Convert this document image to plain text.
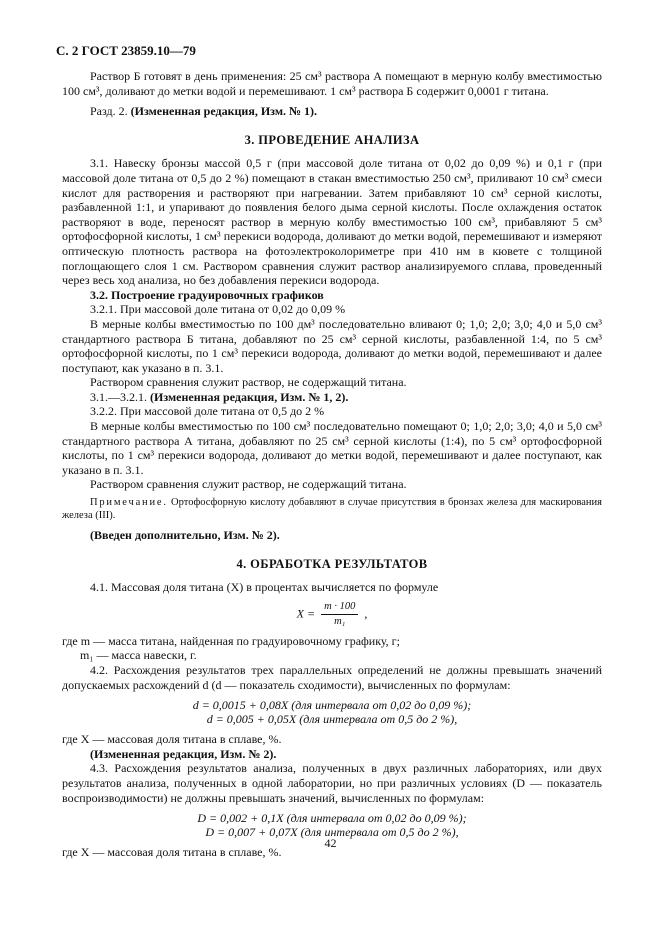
С. 2 ГОСТ 23859.10—79

Раствор Б готовят в день применения: 25 см³ раствора А помещают в мерную колбу вместимостью 100 см³, доливают до метки водой и перемешивают. 1 см³ раствора Б содержит 0,0001 г титана.

Разд. 2. (Измененная редакция, Изм. № 1).

3. ПРОВЕДЕНИЕ АНАЛИЗА

3.1. Навеску бронзы массой 0,5 г (при массовой доле титана от 0,02 до 0,09 %) и 0,1 г (при массовой доле титана от 0,5 до 2 %) помещают в стакан вместимостью 250 см³, приливают 10 см³ смеси кислот для растворения и растворяют при нагревании. Затем прибавляют 10 см³ серной кислоты, разбавленной 1:1, и упаривают до появления белого дыма серной кислоты. После охлаждения остаток растворяют в воде, переносят раствор в мерную колбу вместимостью 100 см³, прибавляют 5 см³ ортофосфорной кислоты, 1 см³ перекиси водорода, доливают до метки водой, перемешивают и измеряют оптическую плотность раствора на фотоэлектроколориметре при 410 нм в кювете с толщиной поглощающего слоя 1 см. Раствором сравнения служит раствор анализируемого сплава, проведенный через весь ход анализа, но без добавления перекиси водорода.

3.2. Построение градуировочных графиков

3.2.1. При массовой доле титана от 0,02 до 0,09 %

В мерные колбы вместимостью по 100 дм³ последовательно вливают 0; 1,0; 2,0; 3,0; 4,0 и 5,0 см³ стандартного раствора Б титана, добавляют по 25 см³ серной кислоты, разбавленной 1:4, по 5 см³ ортофосфорной кислоты, по 1 см³ перекиси водорода, доливают до метки водой, перемешивают и далее поступают, как указано в п. 3.1.

Раствором сравнения служит раствор, не содержащий титана.

3.1.—3.2.1. (Измененная редакция, Изм. № 1, 2).

3.2.2. При массовой доле титана от 0,5 до 2 %

В мерные колбы вместимостью по 100 см³ последовательно помещают 0; 1,0; 2,0; 3,0; 4,0 и 5,0 см³ стандартного раствора А титана, добавляют по 25 см³ серной кислоты (1:4), по 5 см³ ортофосфорной кислоты, по 1 см³ перекиси водорода, доливают до метки водой, перемешивают и далее поступают, как указано в п. 3.1.

Раствором сравнения служит раствор, не содержащий титана.

Примечание. Ортофосфорную кислоту добавляют в случае присутствия в бронзах железа для маскирования железа (III).

(Введен дополнительно, Изм. № 2).

4. ОБРАБОТКА РЕЗУЛЬТАТОВ

4.1. Массовая доля титана (X) в процентах вычисляется по формуле

$X = \frac{m \cdot 100}{\text{m₁}}$ ,

где m — масса титана, найденная по градуировочному графику, г;

m₁ — масса навески, г.

4.2. Расхождения результатов трех параллельных определений не должны превышать значений допускаемых расхождений d (d — показатель сходимости), вычисленных по формулам:

d = 0,0015 + 0,08X (для интервала от 0,02 до 0,09 %);
d = 0,005 + 0,05X (для интервала от 0,5 до 2 %),

где X — массовая доля титана в сплаве, %.

(Измененная редакция, Изм. № 2).

4.3. Расхождения результатов анализа, полученных в двух различных лабораториях, или двух результатов анализа, полученных в одной лаборатории, но при различных условиях (D — показатель воспроизводимости) не должны превышать значений, вычисленных по формулам:

D = 0,002 + 0,1X (для интервала от 0,02 до 0,09 %);
D = 0,007 + 0,07X (для интервала от 0,5 до 2 %),

где X — массовая доля титана в сплаве, %.

42
